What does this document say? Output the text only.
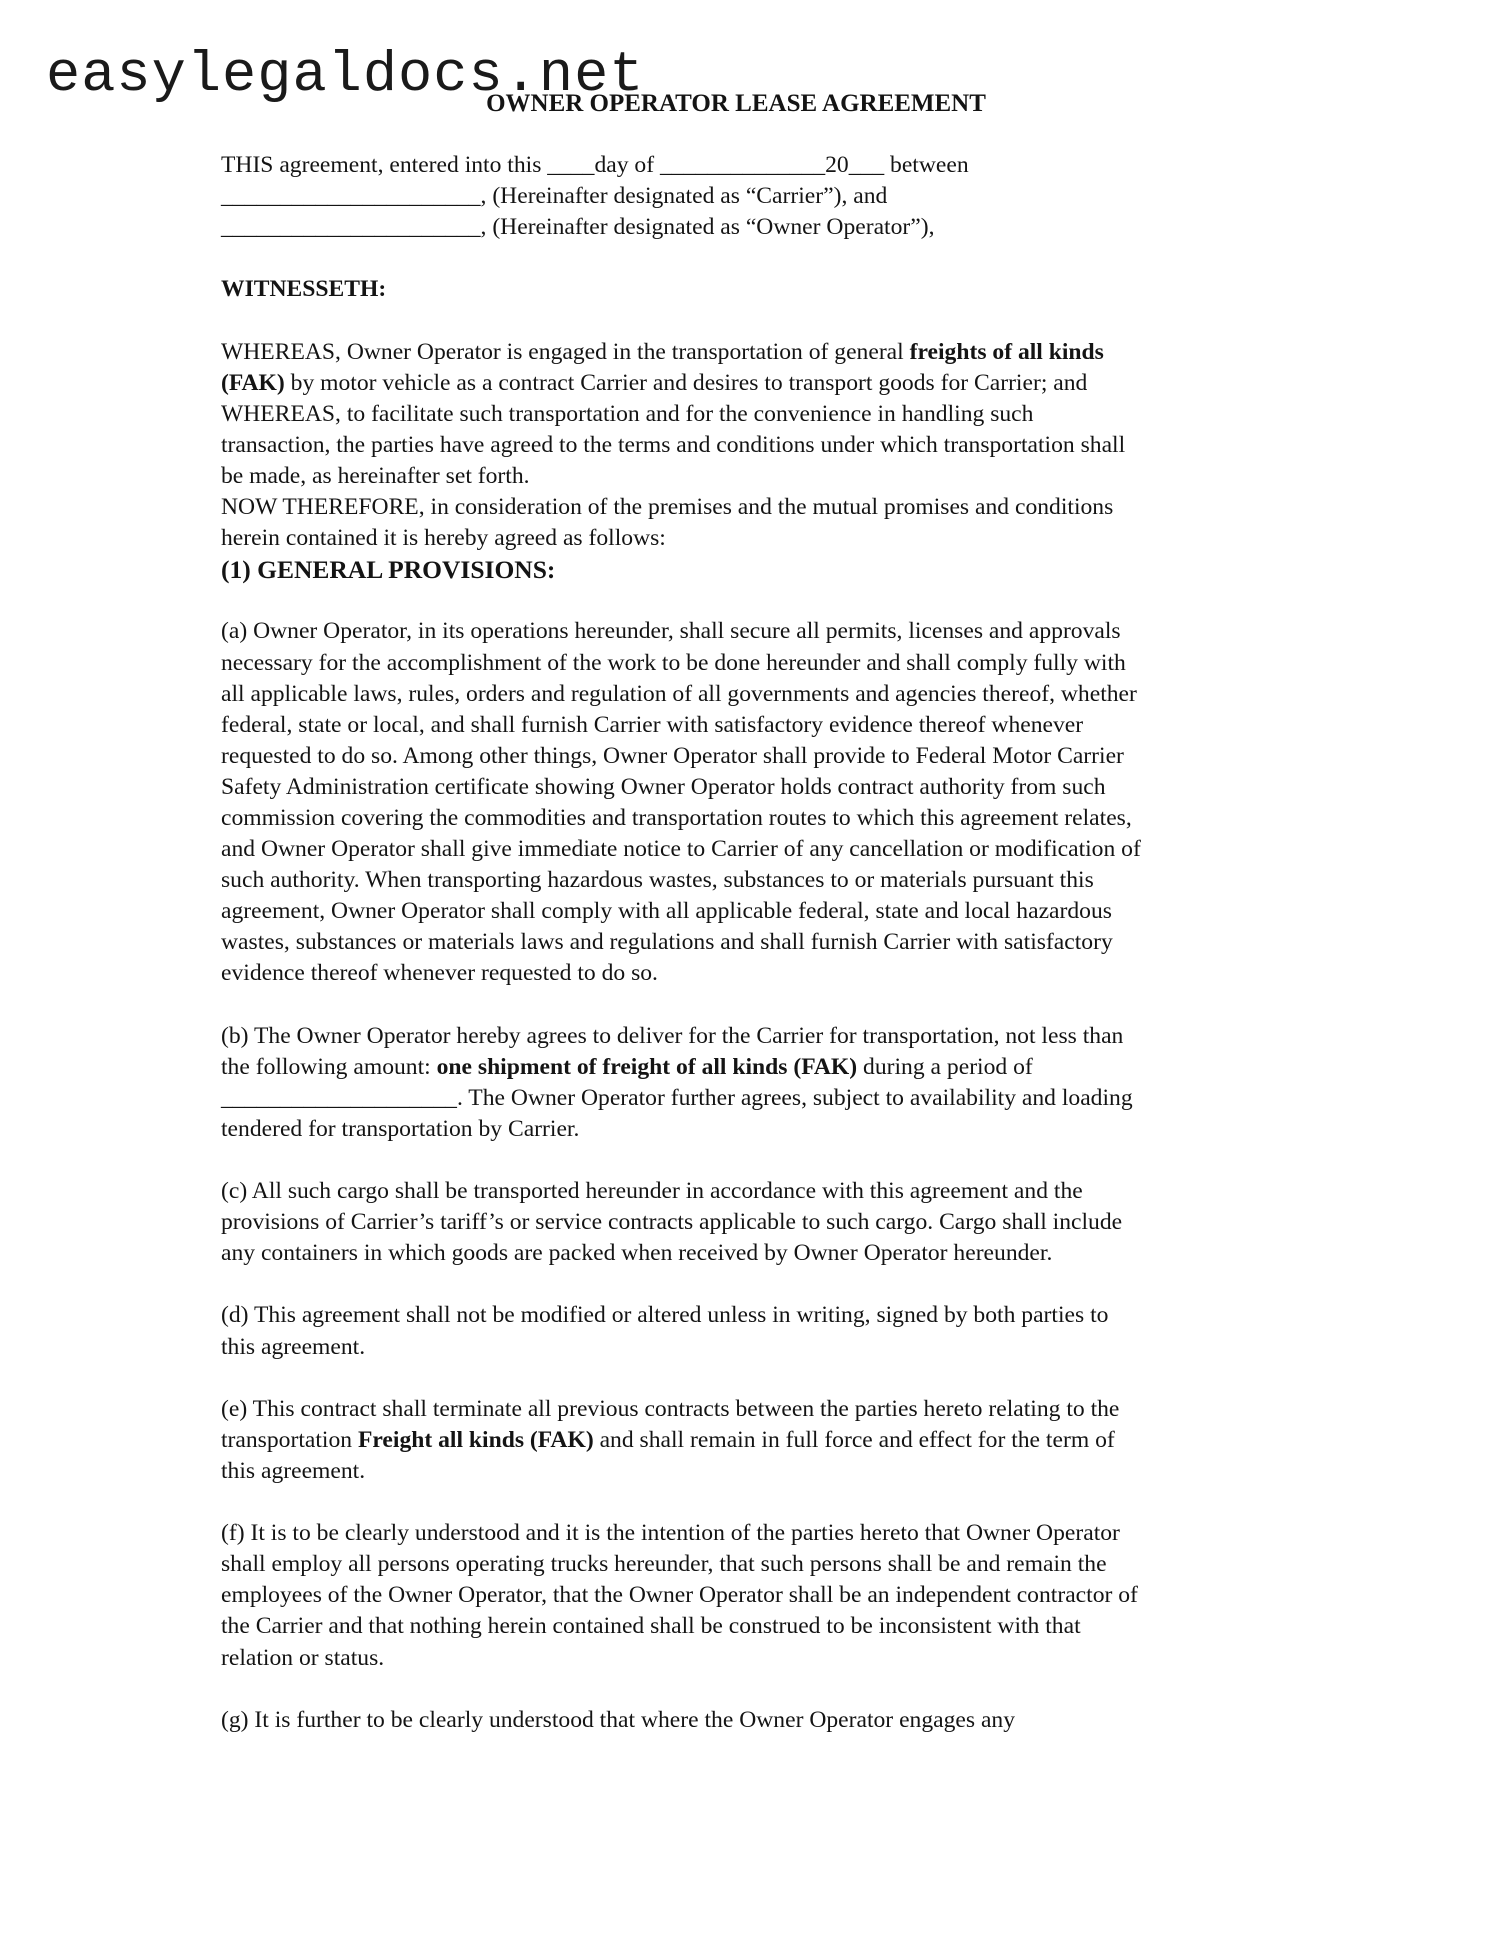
easylegaldocs.net
OWNER OPERATOR LEASE AGREEMENT
THIS agreement, entered into this ____day of ______________20___ between
______________________, (Hereinafter designated as “Carrier”), and
______________________, (Hereinafter designated as “Owner Operator”),
WITNESSETH:
WHEREAS, Owner Operator is engaged in the transportation of general freights of all kinds
(FAK) by motor vehicle as a contract Carrier and desires to transport goods for Carrier; and
WHEREAS, to facilitate such transportation and for the convenience in handling such
transaction, the parties have agreed to the terms and conditions under which transportation shall
be made, as hereinafter set forth.
NOW THEREFORE, in consideration of the premises and the mutual promises and conditions
herein contained it is hereby agreed as follows:
(1) GENERAL PROVISIONS:
(a) Owner Operator, in its operations hereunder, shall secure all permits, licenses and approvals
necessary for the accomplishment of the work to be done hereunder and shall comply fully with
all applicable laws, rules, orders and regulation of all governments and agencies thereof, whether
federal, state or local, and shall furnish Carrier with satisfactory evidence thereof whenever
requested to do so. Among other things, Owner Operator shall provide to Federal Motor Carrier
Safety Administration certificate showing Owner Operator holds contract authority from such
commission covering the commodities and transportation routes to which this agreement relates,
and Owner Operator shall give immediate notice to Carrier of any cancellation or modification of
such authority. When transporting hazardous wastes, substances to or materials pursuant this
agreement, Owner Operator shall comply with all applicable federal, state and local hazardous
wastes, substances or materials laws and regulations and shall furnish Carrier with satisfactory
evidence thereof whenever requested to do so.
(b) The Owner Operator hereby agrees to deliver for the Carrier for transportation, not less than
the following amount: one shipment of freight of all kinds (FAK) during a period of
____________________. The Owner Operator further agrees, subject to availability and loading
tendered for transportation by Carrier.
(c) All such cargo shall be transported hereunder in accordance with this agreement and the
provisions of Carrier’s tariff’s or service contracts applicable to such cargo. Cargo shall include
any containers in which goods are packed when received by Owner Operator hereunder.
(d) This agreement shall not be modified or altered unless in writing, signed by both parties to
this agreement.
(e) This contract shall terminate all previous contracts between the parties hereto relating to the
transportation Freight all kinds (FAK) and shall remain in full force and effect for the term of
this agreement.
(f) It is to be clearly understood and it is the intention of the parties hereto that Owner Operator
shall employ all persons operating trucks hereunder, that such persons shall be and remain the
employees of the Owner Operator, that the Owner Operator shall be an independent contractor of
the Carrier and that nothing herein contained shall be construed to be inconsistent with that
relation or status.
(g) It is further to be clearly understood that where the Owner Operator engages any
